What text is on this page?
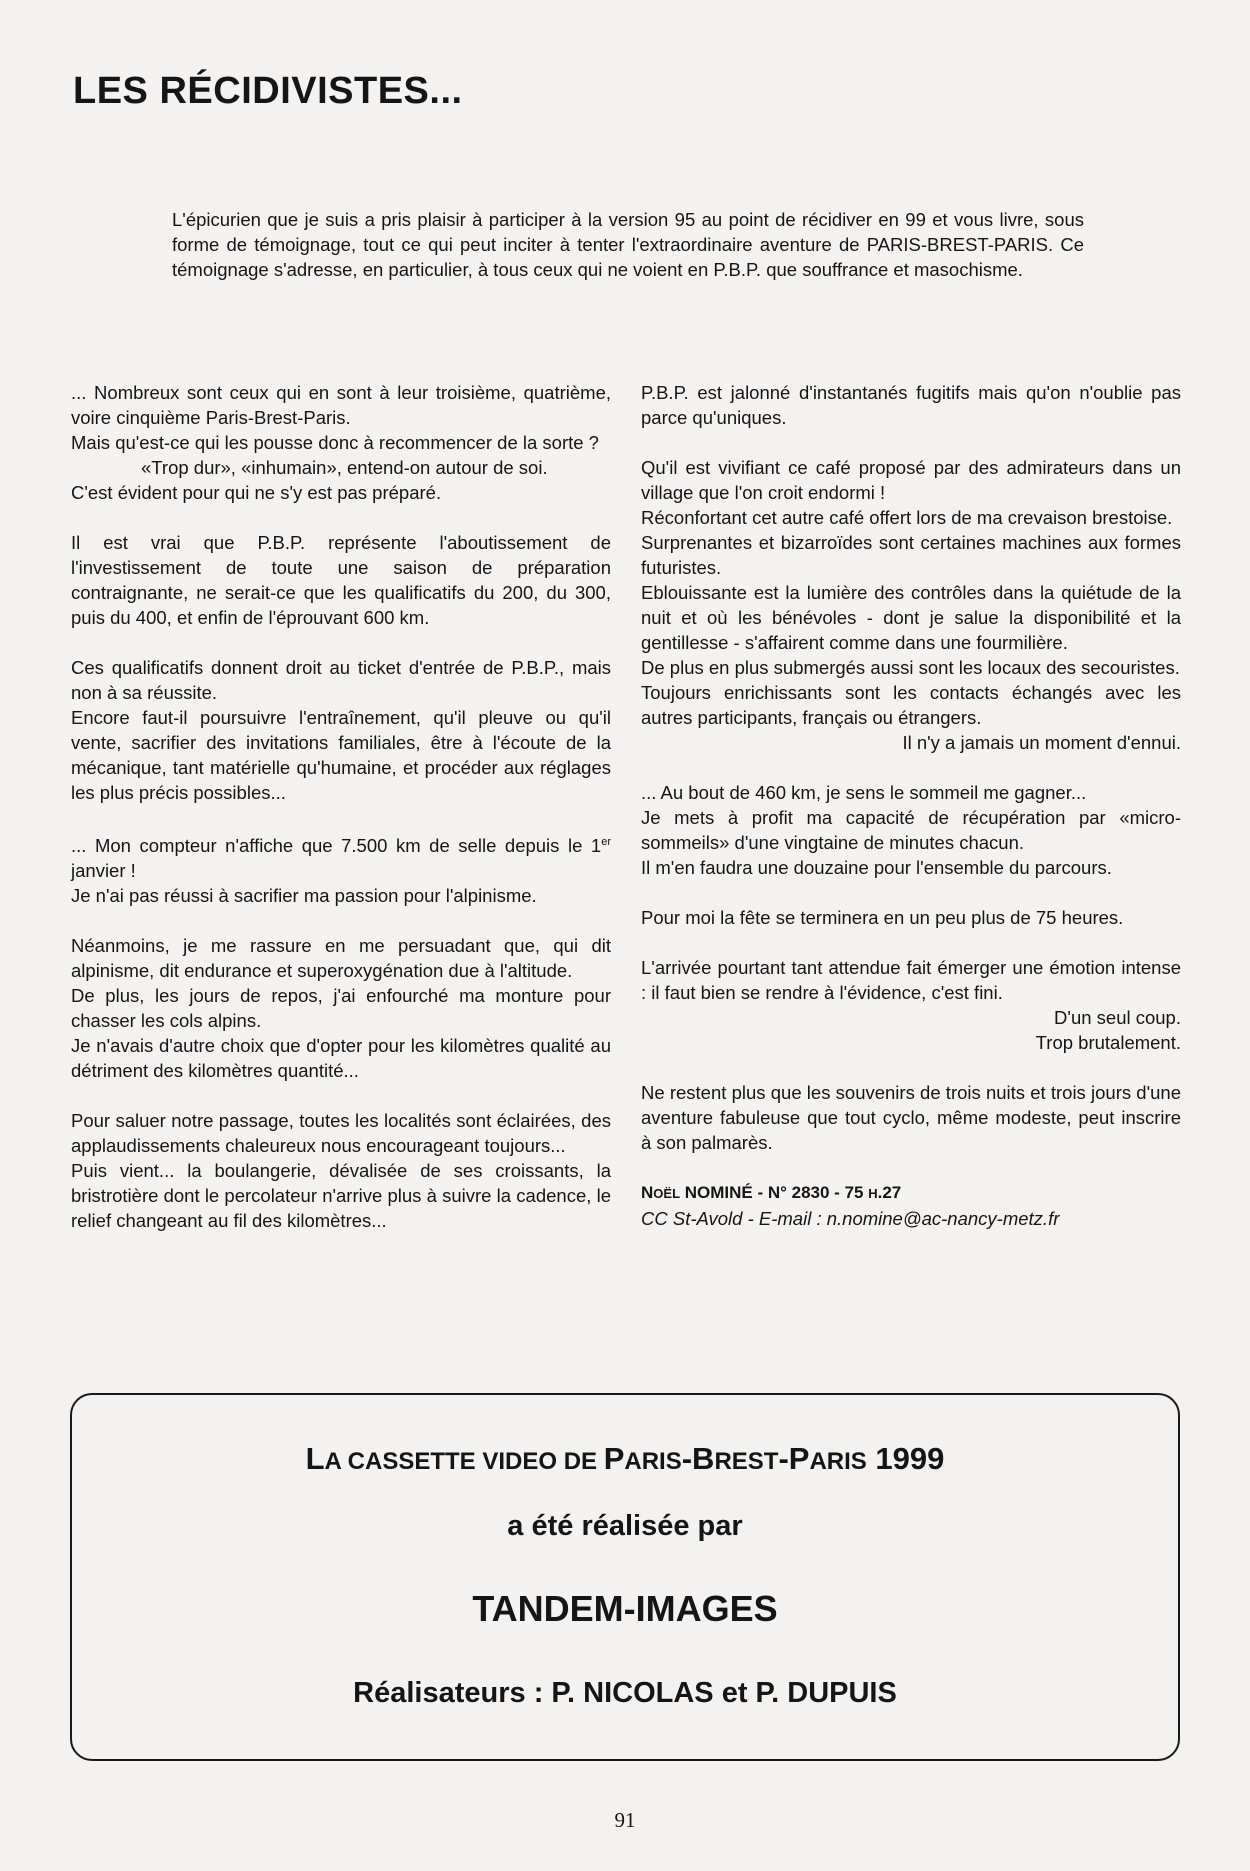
LES RÉCIDIVISTES...

L'épicurien que je suis a pris plaisir à participer à la version 95 au point de récidiver en 99 et vous livre, sous forme de témoignage, tout ce qui peut inciter à tenter l'extraordinaire aventure de PARIS-BREST-PARIS. Ce témoignage s'adresse, en particulier, à tous ceux qui ne voient en P.B.P. que souffrance et masochisme.

... Nombreux sont ceux qui en sont à leur troisième, quatrième, voire cinquième Paris-Brest-Paris.
Mais qu'est-ce qui les pousse donc à recommencer de la sorte ?
«Trop dur», «inhumain», entend-on autour de soi.
C'est évident pour qui ne s'y est pas préparé.

Il est vrai que P.B.P. représente l'aboutissement de l'investissement de toute une saison de préparation contraignante, ne serait-ce que les qualificatifs du 200, du 300, puis du 400, et enfin de l'éprouvant 600 km.

Ces qualificatifs donnent droit au ticket d'entrée de P.B.P., mais non à sa réussite.
Encore faut-il poursuivre l'entraînement, qu'il pleuve ou qu'il vente, sacrifier des invitations familiales, être à l'écoute de la mécanique, tant matérielle qu'humaine, et procéder aux réglages les plus précis possibles...

... Mon compteur n'affiche que 7.500 km de selle depuis le 1er janvier !
Je n'ai pas réussi à sacrifier ma passion pour l'alpinisme.

Néanmoins, je me rassure en me persuadant que, qui dit alpinisme, dit endurance et superoxygénation due à l'altitude.
De plus, les jours de repos, j'ai enfourché ma monture pour chasser les cols alpins.
Je n'avais d'autre choix que d'opter pour les kilomètres qualité au détriment des kilomètres quantité...

Pour saluer notre passage, toutes les localités sont éclairées, des applaudissements chaleureux nous encourageant toujours...
Puis vient... la boulangerie, dévalisée de ses croissants, la bristrotière dont le percolateur n'arrive plus à suivre la cadence, le relief changeant au fil des kilomètres...

P.B.P. est jalonné d'instantanés fugitifs mais qu'on n'oublie pas parce qu'uniques.

Qu'il est vivifiant ce café proposé par des admirateurs dans un village que l'on croit endormi !
Réconfortant cet autre café offert lors de ma crevaison brestoise.
Surprenantes et bizarroïdes sont certaines machines aux formes futuristes.
Eblouissante est la lumière des contrôles dans la quiétude de la nuit et où les bénévoles - dont je salue la disponibilité et la gentillesse - s'affairent comme dans une fourmilière.
De plus en plus submergés aussi sont les locaux des secouristes.
Toujours enrichissants sont les contacts échangés avec les autres participants, français ou étrangers.
Il n'y a jamais un moment d'ennui.

... Au bout de 460 km, je sens le sommeil me gagner...
Je mets à profit ma capacité de récupération par «micro-sommeils» d'une vingtaine de minutes chacun.
Il m'en faudra une douzaine pour l'ensemble du parcours.

Pour moi la fête se terminera en un peu plus de 75 heures.

L'arrivée pourtant tant attendue fait émerger une émotion intense : il faut bien se rendre à l'évidence, c'est fini.
D'un seul coup.
Trop brutalement.

Ne restent plus que les souvenirs de trois nuits et trois jours d'une aventure fabuleuse que tout cyclo, même modeste, peut inscrire à son palmarès.

NOËL NOMINÉ - N° 2830 - 75 H.27

CC St-Avold - E-mail : n.nomine@ac-nancy-metz.fr

LA CASSETTE VIDEO DE PARIS-BREST-PARIS 1999
a été réalisée par
TANDEM-IMAGES
Réalisateurs : P. NICOLAS et P. DUPUIS
91
